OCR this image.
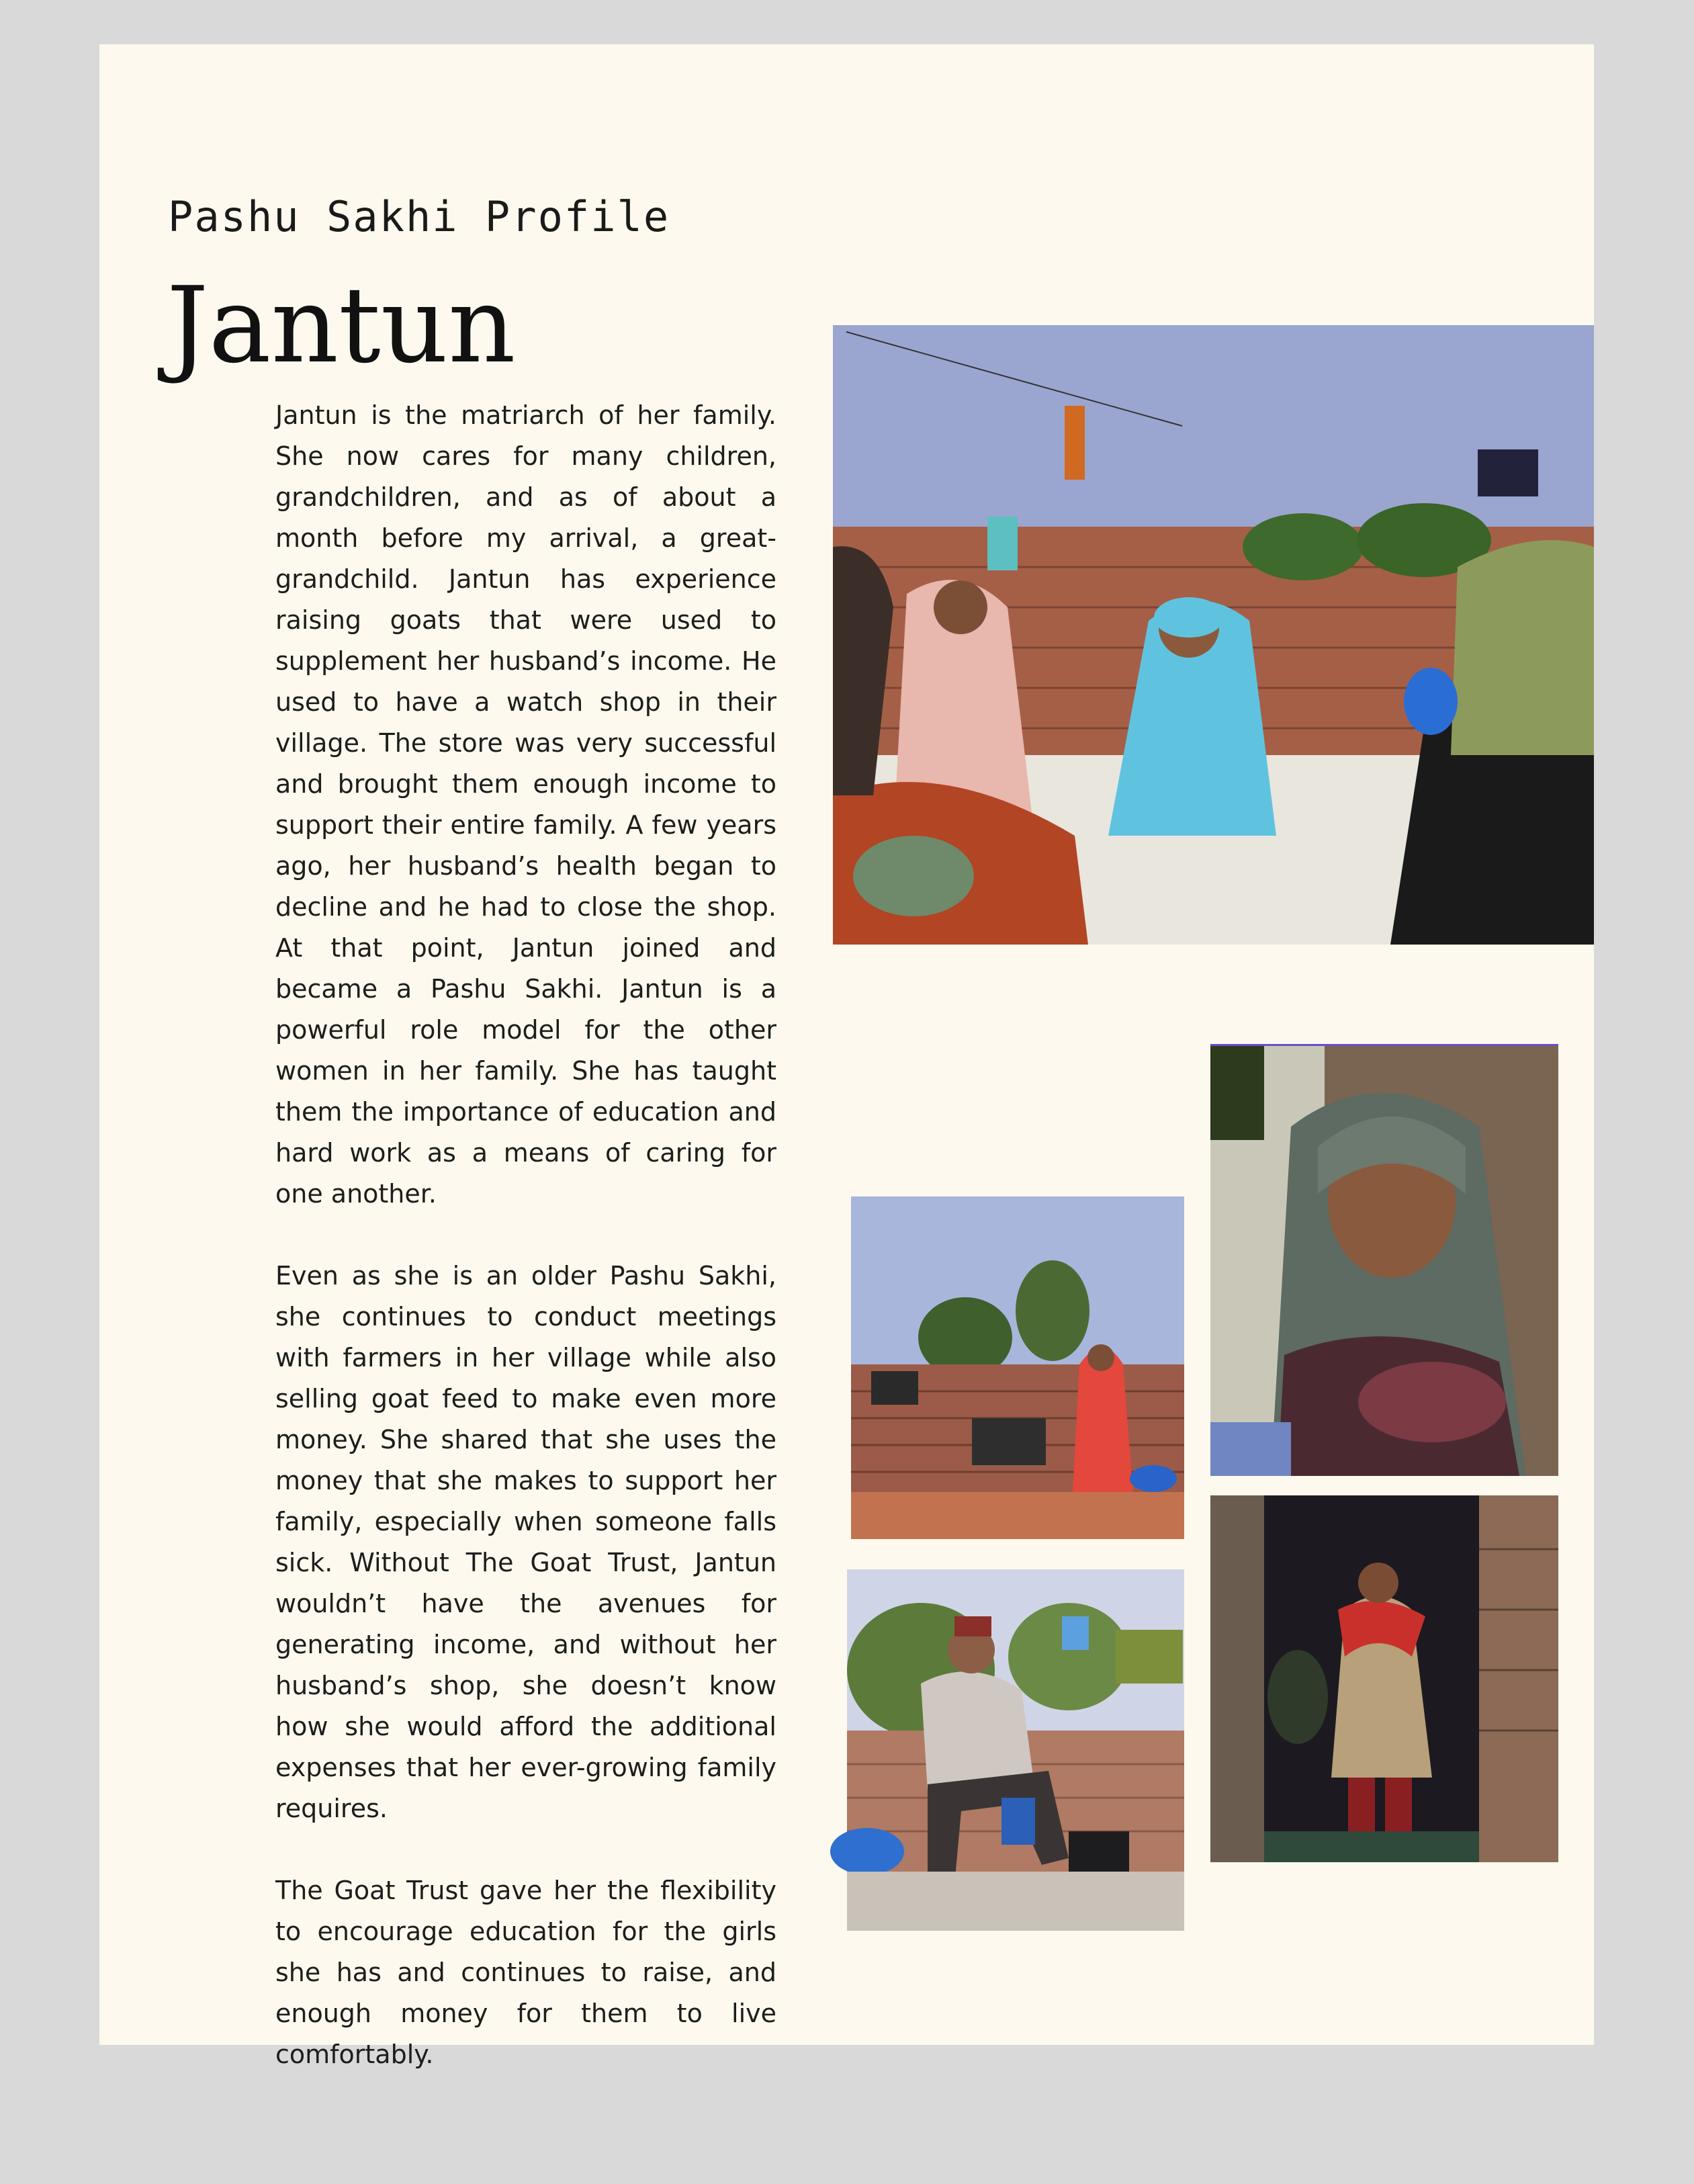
Pashu Sakhi Profile
Jantun

Jantun is the matriarch of her family. She now cares for many children, grandchildren, and as of about a month before my arrival, a great-grandchild. Jantun has experience raising goats that were used to supplement her husband’s income. He used to have a watch shop in their village. The store was very successful and brought them enough income to support their entire family. A few years ago, her husband’s health began to decline and he had to close the shop. At that point, Jantun joined and became a Pashu Sakhi. Jantun is a powerful role model for the other women in her family. She has taught them the importance of education and hard work as a means of caring for one another.

Even as she is an older Pashu Sakhi, she continues to conduct meetings with farmers in her village while also selling goat feed to make even more money. She shared that she uses the money that she makes to support her family, especially when someone falls sick. Without The Goat Trust, Jantun wouldn’t have the avenues for generating income, and without her husband’s shop, she doesn’t know how she would afford the additional expenses that her ever-growing family requires.

The Goat Trust gave her the flexibility to encourage education for the girls she has and continues to raise, and enough money for them to live comfortably.
